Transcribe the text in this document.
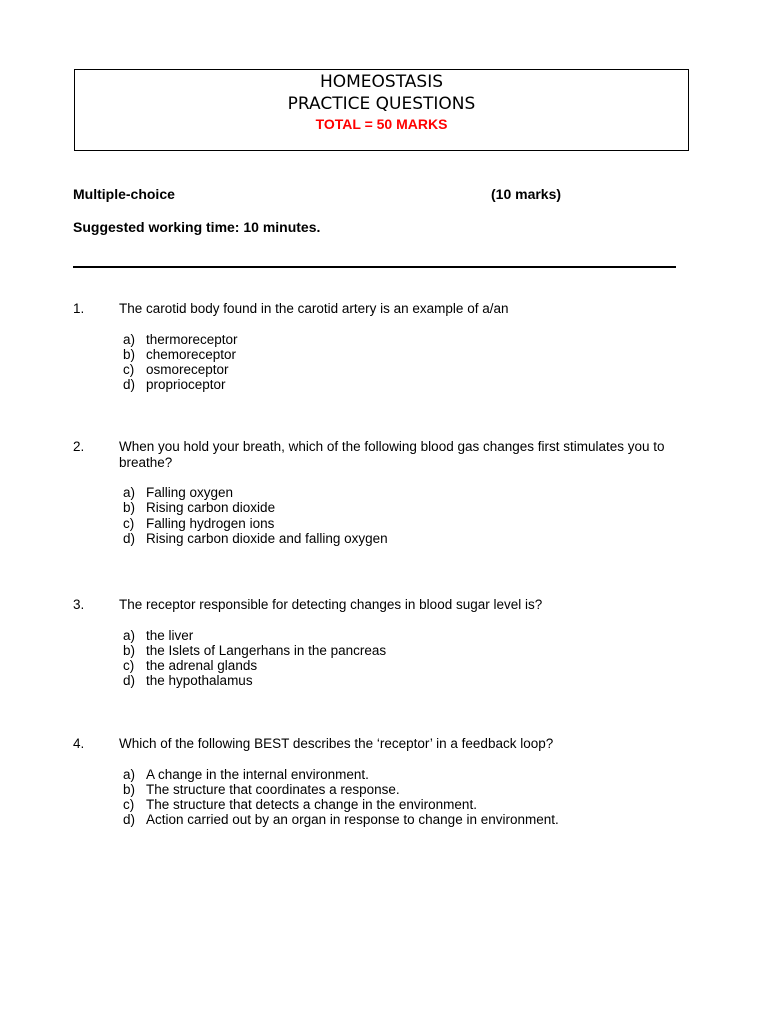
HOMEOSTASIS
PRACTICE QUESTIONS
TOTAL = 50 MARKS
Multiple-choice	(10 marks)
Suggested working time: 10 minutes.
1.	The carotid body found in the carotid artery is an example of a/an
a) thermoreceptor
b) chemoreceptor
c) osmoreceptor
d) proprioceptor
2.	When you hold your breath, which of the following blood gas changes first stimulates you to breathe?
a) Falling oxygen
b) Rising carbon dioxide
c) Falling hydrogen ions
d) Rising carbon dioxide and falling oxygen
3.	The receptor responsible for detecting changes in blood sugar level is?
a) the liver
b) the Islets of Langerhans in the pancreas
c) the adrenal glands
d) the hypothalamus
4.	Which of the following BEST describes the ‘receptor’ in a feedback loop?
a) A change in the internal environment.
b) The structure that coordinates a response.
c) The structure that detects a change in the environment.
d) Action carried out by an organ in response to change in environment.
